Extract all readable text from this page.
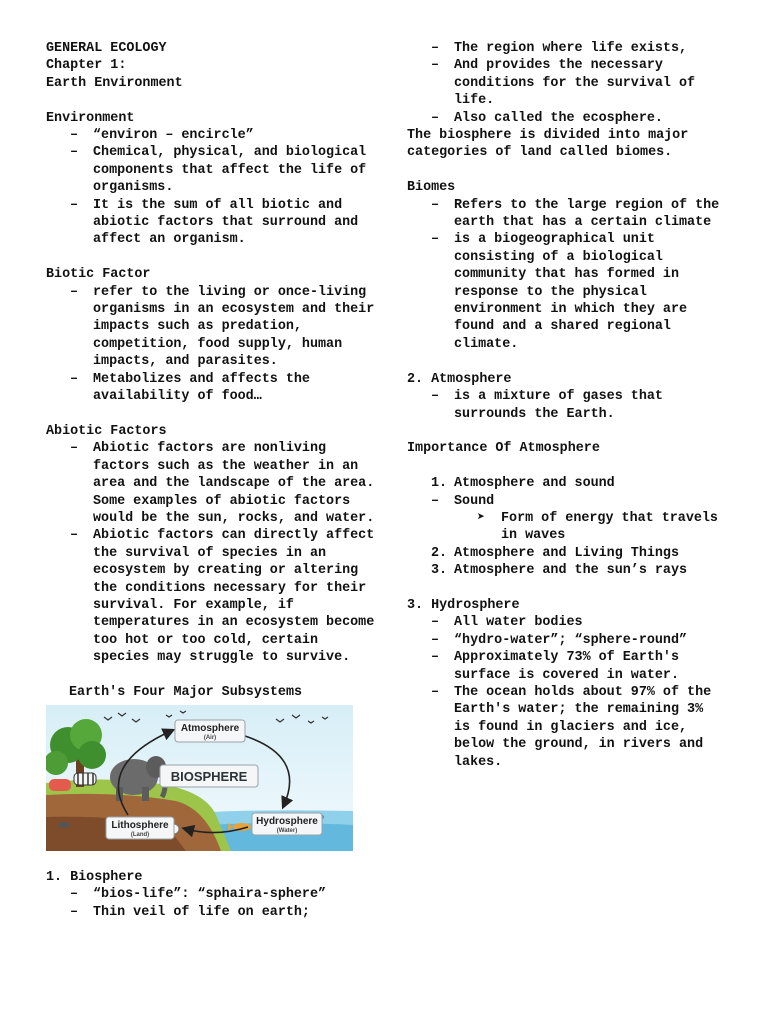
GENERAL ECOLOGY
Chapter 1:
Earth Environment
Environment
–	“environ – encircle”
–	Chemical, physical, and biological components that affect the life of organisms.
–	It is the sum of all biotic and abiotic factors that surround and affect an organism.
Biotic Factor
–	refer to the living or once-living organisms in an ecosystem and their impacts such as predation, competition, food supply, human impacts, and parasites.
–	Metabolizes and affects the availability of food…
Abiotic Factors
–	Abiotic factors are nonliving factors such as the weather in an area and the landscape of the area. Some examples of abiotic factors would be the sun, rocks, and water.
–	Abiotic factors can directly affect the survival of species in an ecosystem by creating or altering the conditions necessary for their survival. For example, if temperatures in an ecosystem become too hot or too cold, certain species may struggle to survive.
Earth's Four Major Subsystems
Atmosphere
(Air)
BIOSPHERE
Hydrosphere
(Water)
Lithosphere
(Land)
1. Biosphere
–	“bios-life”: “sphaira-sphere”
–	Thin veil of life on earth;
–	The region where life exists,
–	And provides the necessary conditions for the survival of life.
–	Also called the ecosphere.
The biosphere is divided into major categories of land called biomes.
Biomes
–	Refers to the large region of the earth that has a certain climate
–	is a biogeographical unit consisting of a biological community that has formed in response to the physical environment in which they are found and a shared regional climate.
2. Atmosphere
–	is a mixture of gases that surrounds the Earth.
Importance Of Atmosphere
1. Atmosphere and sound
–	Sound
➤	Form of energy that travels in waves
2. Atmosphere and Living Things
3. Atmosphere and the sun’s rays
3. Hydrosphere
–	All water bodies
–	“hydro-water”; “sphere-round”
–	Approximately 73% of Earth's surface is covered in water.
–	The ocean holds about 97% of the Earth's water; the remaining 3% is found in glaciers and ice, below the ground, in rivers and lakes.
